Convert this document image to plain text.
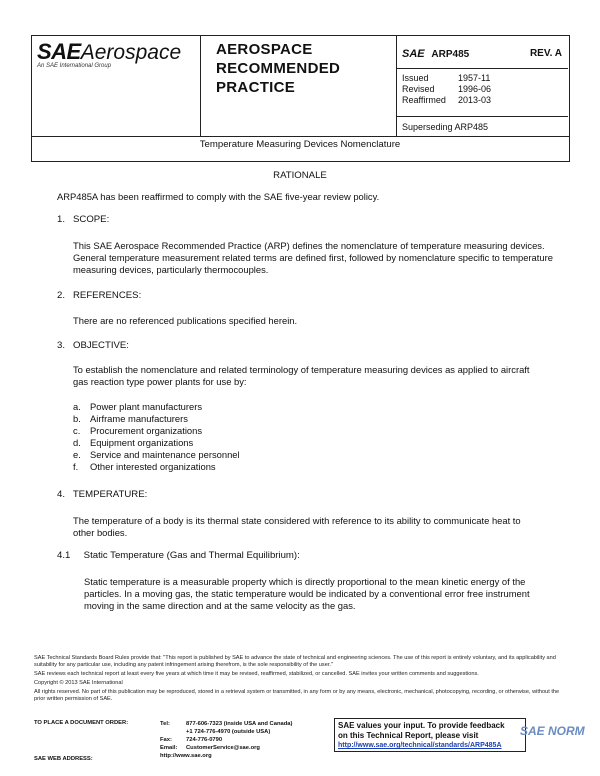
SAEAerospace
An SAE International Group
AEROSPACE
RECOMMENDED
PRACTICE
SAE ARP485	REV. A
Issued	1957-11
Revised	1996-06
Reaffirmed 2013-03
Superseding ARP485
Temperature Measuring Devices Nomenclature
RATIONALE
ARP485A has been reaffirmed to comply with the SAE five-year review policy.
1.   SCOPE:
This SAE Aerospace Recommended Practice (ARP) defines the nomenclature of temperature measuring devices. General temperature measurement related terms are defined first, followed by nomenclature specific to temperature measuring devices, particularly thermocouples.
2.   REFERENCES:
There are no referenced publications specified herein.
3.   OBJECTIVE:
To establish the nomenclature and related terminology of temperature measuring devices as applied to aircraft gas reaction type power plants for use by:
a. Power plant manufacturers
b. Airframe manufacturers
c. Procurement organizations
d. Equipment organizations
e. Service and maintenance personnel
f. Other interested organizations
4.   TEMPERATURE:
The temperature of a body is its thermal state considered with reference to its ability to communicate heat to other bodies.
4.1     Static Temperature (Gas and Thermal Equilibrium):
Static temperature is a measurable property which is directly proportional to the mean kinetic energy of the particles. In a moving gas, the static temperature would be indicated by a conventional error free instrument moving in the same direction and at the same velocity as the gas.
SAE Technical Standards Board Rules provide that: "This report is published by SAE to advance the state of technical and engineering sciences. The use of this report is entirely voluntary, and its applicability and suitability for any particular use, including any patent infringement arising therefrom, is the sole responsibility of the user."
SAE reviews each technical report at least every five years at which time it may be revised, reaffirmed, stabilized, or cancelled. SAE invites your written comments and suggestions.
Copyright © 2013 SAE International
All rights reserved. No part of this publication may be reproduced, stored in a retrieval system or transmitted, in any form or by any means, electronic, mechanical, photocopying, recording, or otherwise, without the prior written permission of SAE.
TO PLACE A DOCUMENT ORDER:	Tel:	877-606-7323 (inside USA and Canada)
+1 724-776-4970 (outside USA)
Fax: 724-776-0790
Email: CustomerService@sae.org
http://www.sae.org
SAE WEB ADDRESS:
SAE values your input. To provide feedback
on this Technical Report, please visit
http://www.sae.org/technical/standards/ARP485A
SAE NORM
